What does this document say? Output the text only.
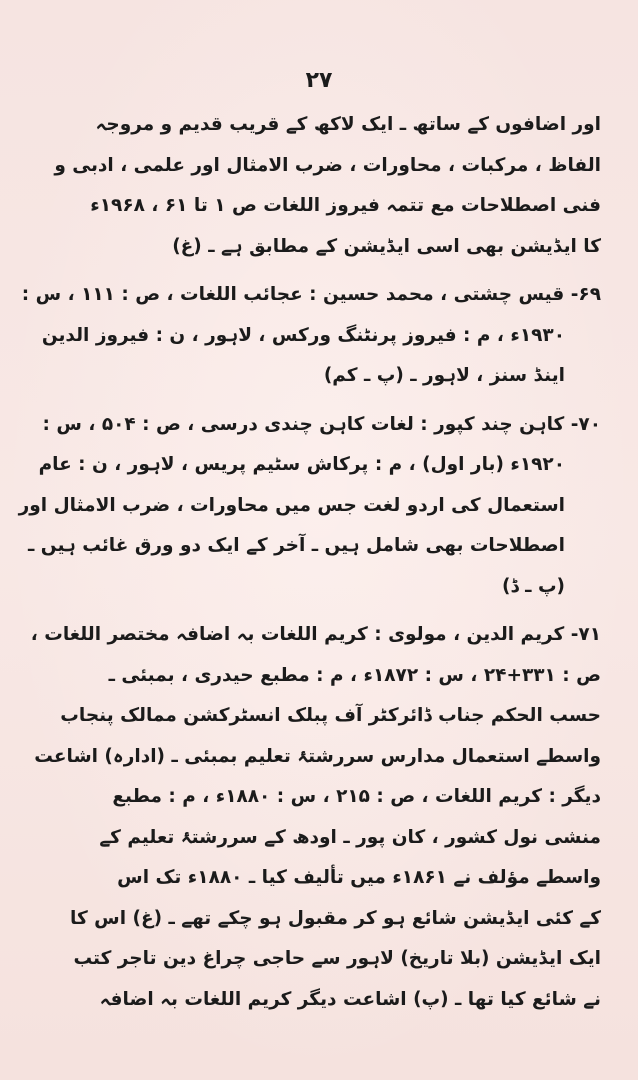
۲۷

اور اضافوں کے ساتھ ـ ایک لاکھ کے قریب قدیم و مروجہ
الفاظ ، مرکبات ، محاورات ، ضرب الامثال اور علمی ، ادبی و
فنی اصطلاحات مع تتمہ فیروز اللغات ص ۱ تا ۶۱ ، ۱۹۶۸ء
کا ایڈیشن بھی اسی ایڈیشن کے مطابق ہے ـ (غ)

۶۹- قیس چشتی ، محمد حسین : عجائب اللغات ، ص : ۱۱۱ ، س :
۱۹۳۰ء ، م : فیروز پرنٹنگ ورکس ، لاہور ، ن : فیروز الدین
اینڈ سنز ، لاہور ـ (پ ـ کم)

۷۰- کاہن چند کپور : لغات کاہن چندی درسی ، ص : ۵۰۴ ، س :
۱۹۲۰ء (بار اول) ، م : پرکاش سٹیم پریس ، لاہور ، ن : عام
استعمال کی اردو لغت جس میں محاورات ، ضرب الامثال اور
اصطلاحات بھی شامل ہیں ـ آخر کے ایک دو ورق غائب ہیں ـ
(پ ـ ڈ)

۷۱- کریم الدین ، مولوی : کریم اللغات بہ اضافہ مختصر اللغات ،
ص : ۳۳۱+۲۴ ، س : ۱۸۷۲ء ، م : مطبع حیدری ، بمبئی ـ
حسب الحکم جناب ڈائرکٹر آف پبلک انسٹرکشن ممالک پنجاب
واسطے استعمال مدارس سررشتۂ تعلیم بمبئی ـ (ادارہ) اشاعت
دیگر : کریم اللغات ، ص : ۲۱۵ ، س : ۱۸۸۰ء ، م : مطبع
منشی نول کشور ، کان پور ـ اودھ کے سررشتۂ تعلیم کے
واسطے مؤلف نے ۱۸۶۱ء میں تألیف کیا ـ ۱۸۸۰ء تک اس
کے کئی ایڈیشن شائع ہو کر مقبول ہو چکے تھے ـ (غ) اس کا
ایک ایڈیشن (بلا تاریخ) لاہور سے حاجی چراغ دین تاجر کتب
نے شائع کیا تھا ـ (پ) اشاعت دیگر کریم اللغات بہ اضافہ
